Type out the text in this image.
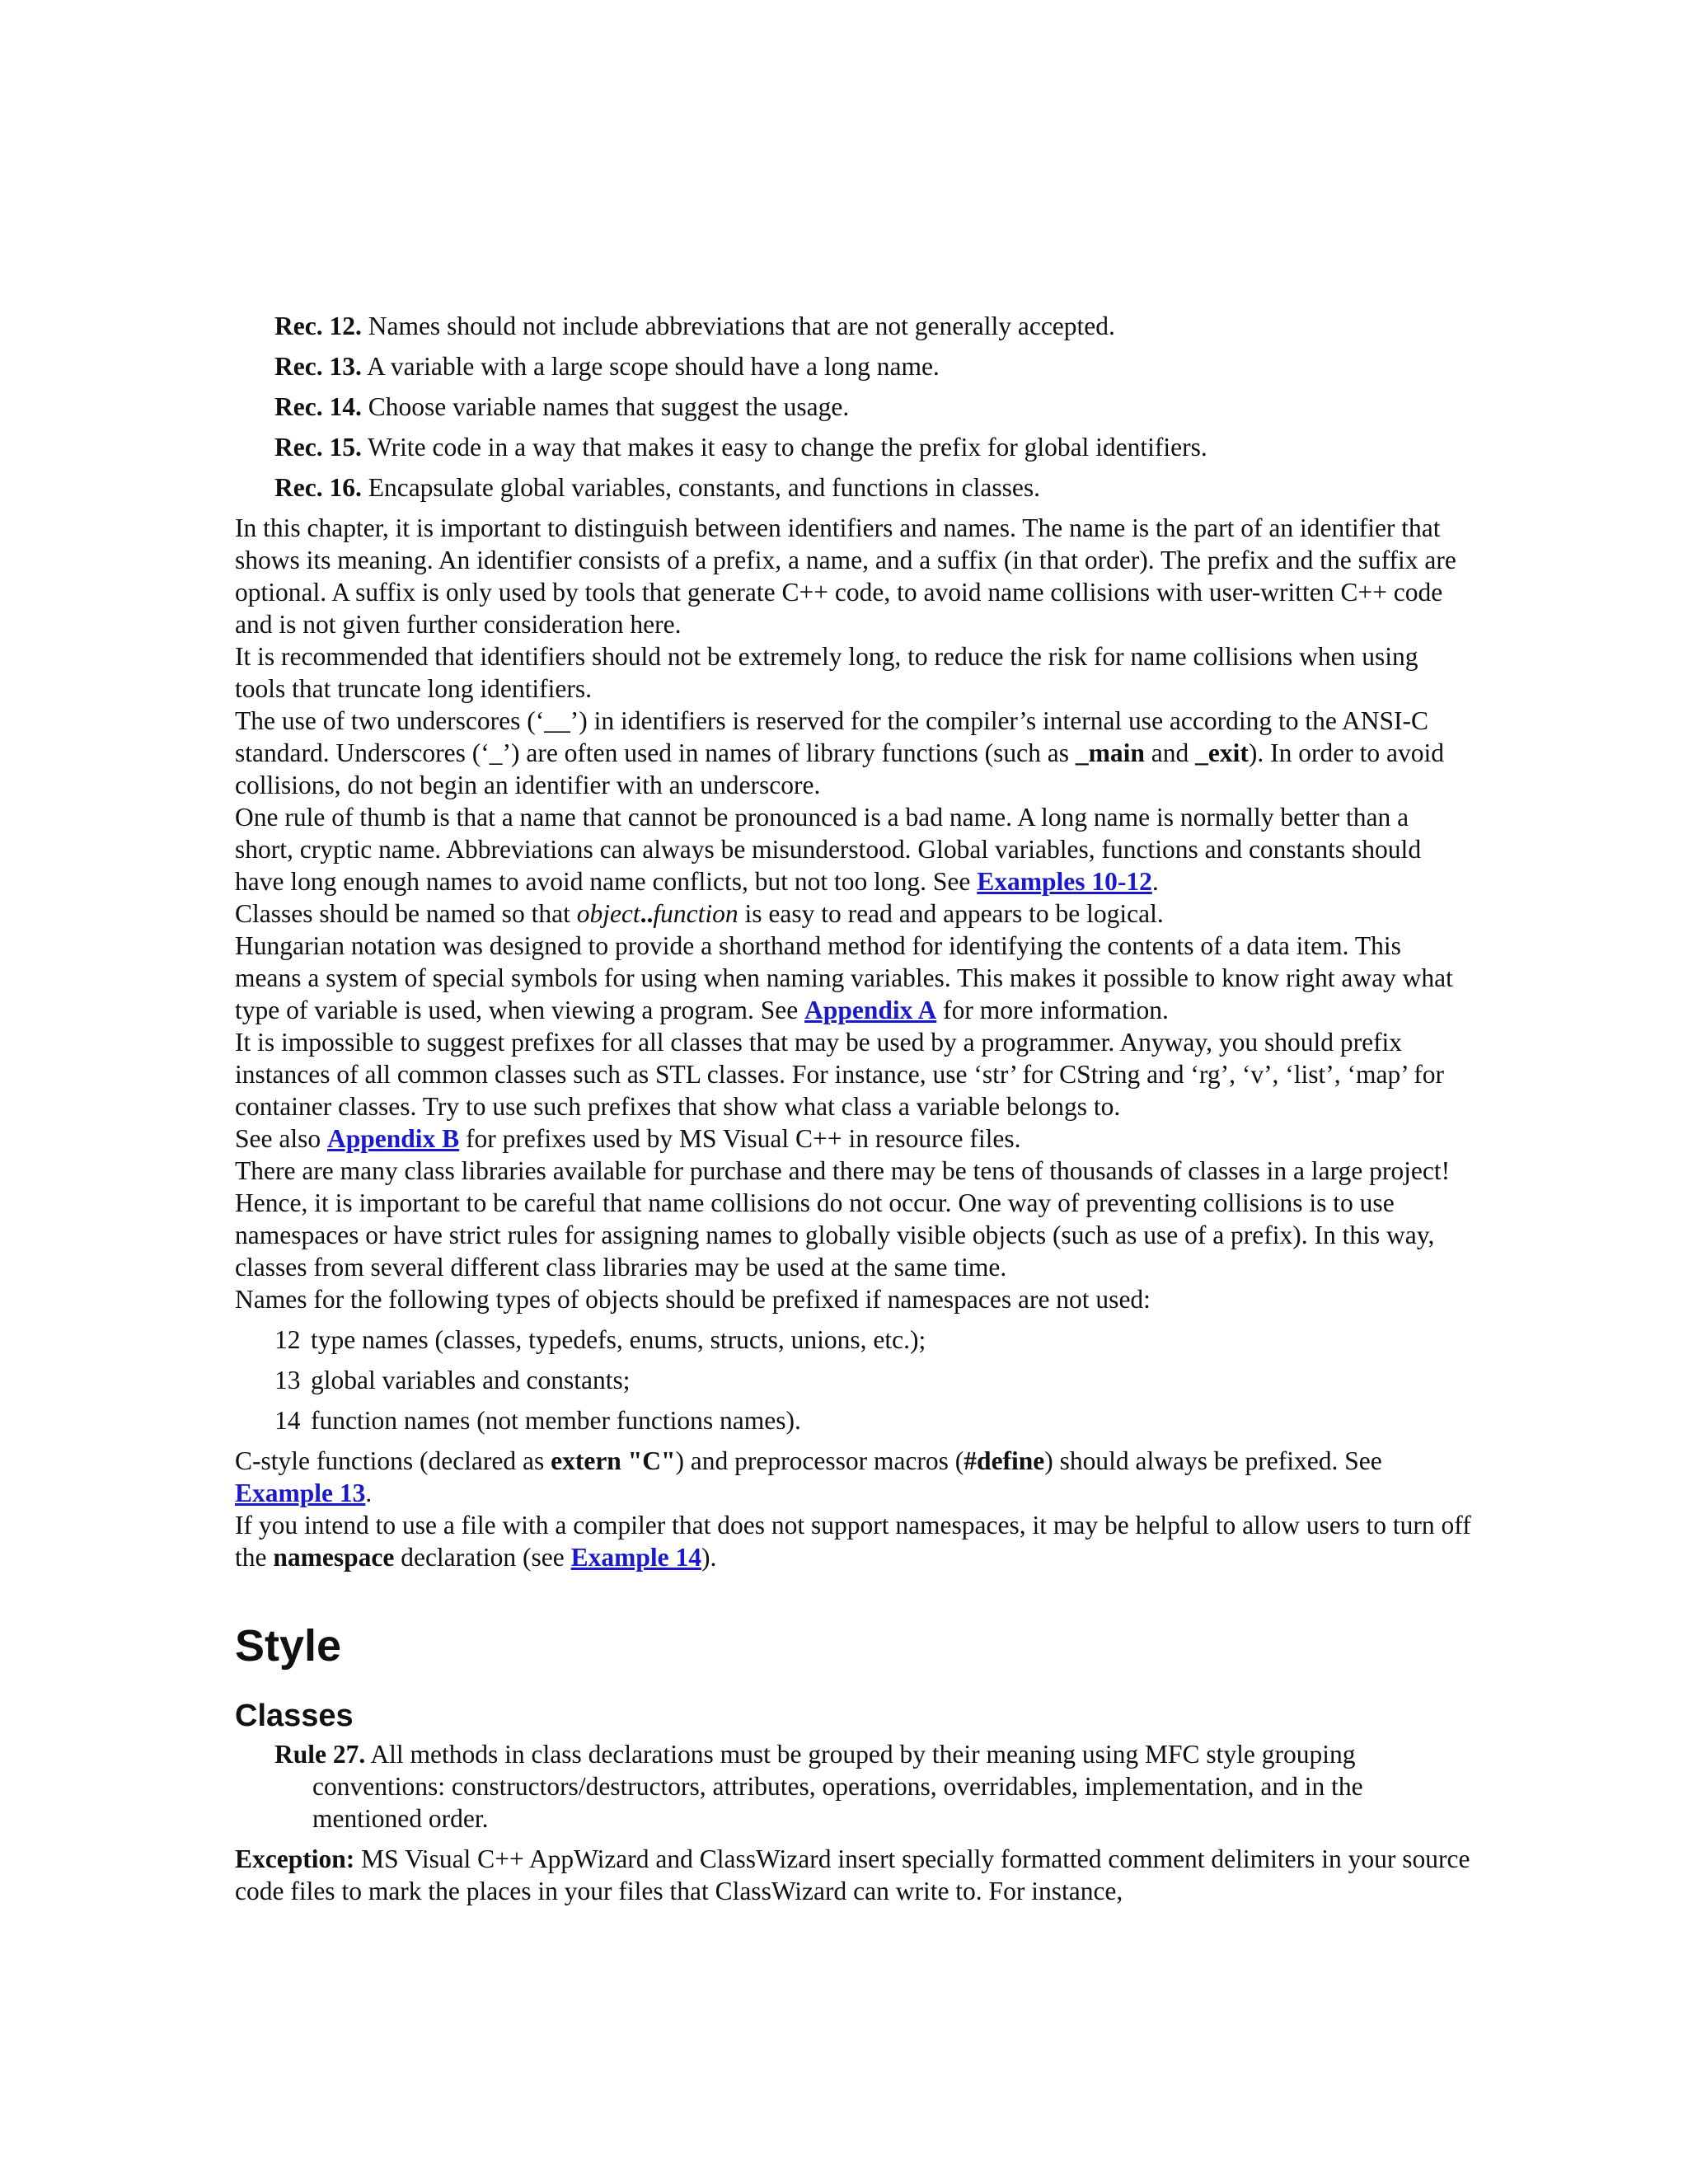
Rec. 12. Names should not include abbreviations that are not generally accepted.
Rec. 13. A variable with a large scope should have a long name.
Rec. 14. Choose variable names that suggest the usage.
Rec. 15. Write code in a way that makes it easy to change the prefix for global identifiers.
Rec. 16. Encapsulate global variables, constants, and functions in classes.

In this chapter, it is important to distinguish between identifiers and names. The name is the part of an identifier that shows its meaning. An identifier consists of a prefix, a name, and a suffix (in that order). The prefix and the suffix are optional. A suffix is only used by tools that generate C++ code, to avoid name collisions with user-written C++ code and is not given further consideration here.

It is recommended that identifiers should not be extremely long, to reduce the risk for name collisions when using tools that truncate long identifiers.

The use of two underscores (‘__’) in identifiers is reserved for the compiler’s internal use according to the ANSI-C standard. Underscores (‘_’) are often used in names of library functions (such as _main and _exit). In order to avoid collisions, do not begin an identifier with an underscore.

One rule of thumb is that a name that cannot be pronounced is a bad name. A long name is normally better than a short, cryptic name. Abbreviations can always be misunderstood. Global variables, functions and constants should have long enough names to avoid name conflicts, but not too long. See Examples 10-12.

Classes should be named so that object..function is easy to read and appears to be logical.

Hungarian notation was designed to provide a shorthand method for identifying the contents of a data item. This means a system of special symbols for using when naming variables. This makes it possible to know right away what type of variable is used, when viewing a program. See Appendix A for more information.

It is impossible to suggest prefixes for all classes that may be used by a programmer. Anyway, you should prefix instances of all common classes such as STL classes. For instance, use ‘str’ for CString and ‘rg’, ‘v’, ‘list’, ‘map’ for container classes. Try to use such prefixes that show what class a variable belongs to.

See also Appendix B for prefixes used by MS Visual C++ in resource files.

There are many class libraries available for purchase and there may be tens of thousands of classes in a large project! Hence, it is important to be careful that name collisions do not occur. One way of preventing collisions is to use namespaces or have strict rules for assigning names to globally visible objects (such as use of a prefix). In this way, classes from several different class libraries may be used at the same time.

Names for the following types of objects should be prefixed if namespaces are not used:

12 type names (classes, typedefs, enums, structs, unions, etc.);
13 global variables and constants;
14 function names (not member functions names).

C-style functions (declared as extern "C") and preprocessor macros (#define) should always be prefixed. See Example 13.

If you intend to use a file with a compiler that does not support namespaces, it may be helpful to allow users to turn off the namespace declaration (see Example 14).

Style
Classes
Rule 27. All methods in class declarations must be grouped by their meaning using MFC style grouping conventions: constructors/destructors, attributes, operations, overridables, implementation, and in the mentioned order.

Exception: MS Visual C++ AppWizard and ClassWizard insert specially formatted comment delimiters in your source code files to mark the places in your files that ClassWizard can write to. For instance,
